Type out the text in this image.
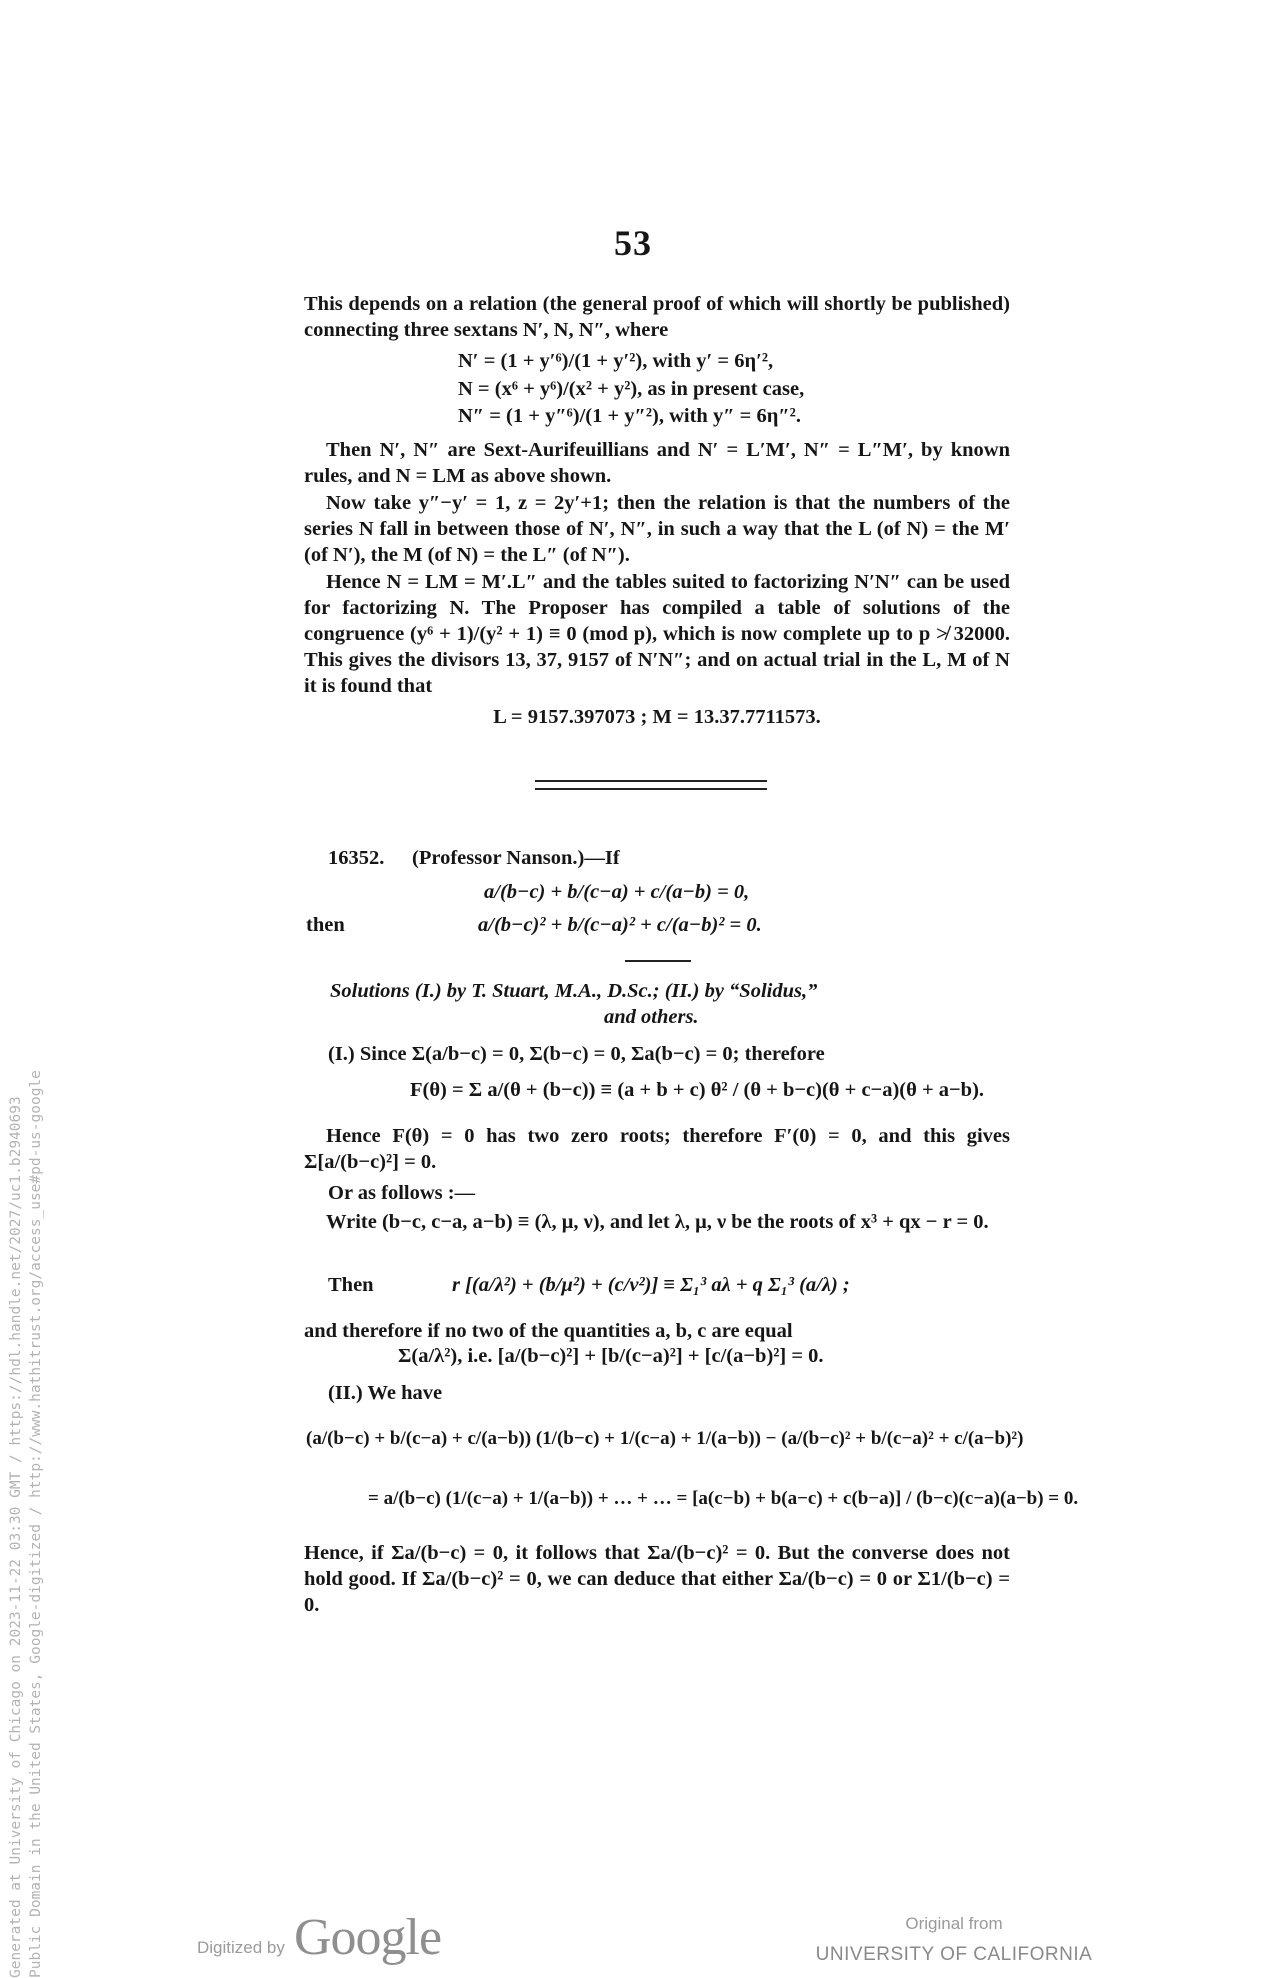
53
This depends on a relation (the general proof of which will shortly be published) connecting three sextans N′, N, N″, where
N′ = (1 + y′⁶)/(1 + y′²), with y′ = 6η′²,
N = (x⁶ + y⁶)/(x² + y²), as in present case,
N″ = (1 + y″⁶)/(1 + y″²), with y″ = 6η″².
Then N′, N″ are Sext-Aurifeuillians and N′ = L′M′, N″ = L″M′, by known rules, and N = LM as above shown.
Now take y″−y′ = 1, z = 2y′+1; then the relation is that the numbers of the series N fall in between those of N′, N″, in such a way that the L (of N) = the M′ (of N′), the M (of N) = the L″ (of N″).
Hence N = LM = M′.L″ and the tables suited to factorizing N′N″ can be used for factorizing N. The Proposer has compiled a table of solutions of the congruence (y⁶ + 1)/(y² + 1) ≡ 0 (mod p), which is now complete up to p ≯ 32000. This gives the divisors 13, 37, 9157 of N′N″; and on actual trial in the L, M of N it is found that
L = 9157.397073 ; M = 13.37.7711573.
16352. (Professor Nanson.)—If
a/(b−c) + b/(c−a) + c/(a−b) = 0,
then	a/(b−c)² + b/(c−a)² + c/(a−b)² = 0.
Solutions (I.) by T. Stuart, M.A., D.Sc.; (II.) by “Solidus,”
and others.
(I.) Since Σ(a/b−c) = 0, Σ(b−c) = 0, Σa(b−c) = 0; therefore
F(θ) = Σ a/(θ + (b−c)) ≡ (a + b + c) θ² / (θ + b−c)(θ + c−a)(θ + a−b).
Hence F(θ) = 0 has two zero roots; therefore F′(0) = 0, and this gives Σ[a/(b−c)²] = 0.
Or as follows :—
Write (b−c, c−a, a−b) ≡ (λ, μ, ν), and let λ, μ, ν be the roots of x³ + qx − r = 0.
Then	r [(a/λ²) + (b/μ²) + (c/ν²)] ≡ Σ₁³ aλ + q Σ₁³ (a/λ) ;
and therefore if no two of the quantities a, b, c are equal
Σ(a/λ²), i.e. [a/(b−c)²] + [b/(c−a)²] + [c/(a−b)²] = 0.
(II.) We have
(a/(b−c) + b/(c−a) + c/(a−b)) (1/(b−c) + 1/(c−a) + 1/(a−b)) − (a/(b−c)² + b/(c−a)² + c/(a−b)²)
= a/(b−c) (1/(c−a) + 1/(a−b)) + … + … = [a(c−b) + b(a−c) + c(b−a)] / (b−c)(c−a)(a−b) = 0.
Hence, if Σa/(b−c) = 0, it follows that Σa/(b−c)² = 0. But the converse does not hold good. If Σa/(b−c)² = 0, we can deduce that either Σa/(b−c) = 0 or Σ1/(b−c) = 0.
Generated at University of Chicago on 2023-11-22 03:30 GMT / https://hdl.handle.net/2027/uc1.b2940693 Public Domain in the United States, Google-digitized / http://www.hathitrust.org/access_use#pd-us-google	Digitized by Google	Original from
UNIVERSITY OF CALIFORNIA
